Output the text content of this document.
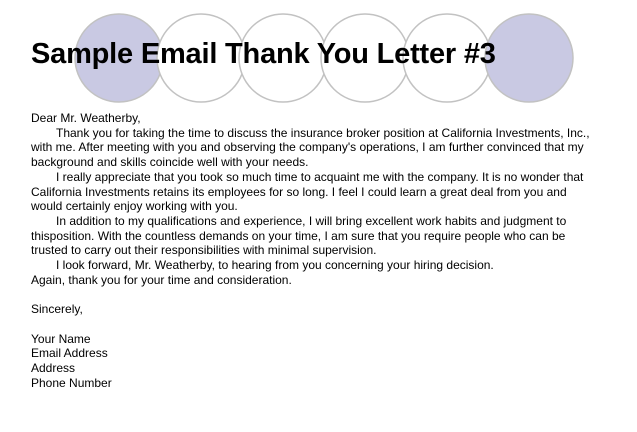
Sample Email Thank You Letter #3

Dear Mr. Weatherby,

Thank you for taking the time to discuss the insurance broker position at California Investments, Inc., with me. After meeting with you and observing the company's operations, I am further convinced that my background and skills coincide well with your needs.

I really appreciate that you took so much time to acquaint me with the company. It is no wonder that California Investments retains its employees for so long. I feel I could learn a great deal from you and would certainly enjoy working with you.

In addition to my qualifications and experience, I will bring excellent work habits and judgment to thisposition. With the countless demands on your time, I am sure that you require people who can be trusted to carry out their responsibilities with minimal supervision.

I look forward, Mr. Weatherby, to hearing from you concerning your hiring decision.

Again, thank you for your time and consideration.

Sincerely,

Your Name

Email Address

Address

Phone Number
